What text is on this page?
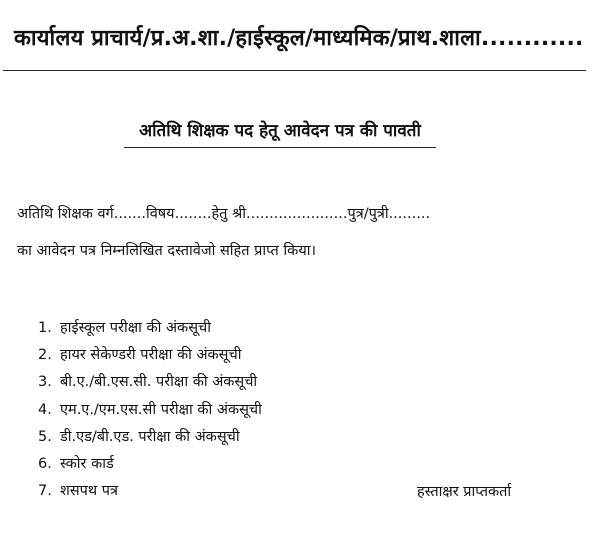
कार्यालय प्राचार्य/प्र.अ.शा./हाईस्कूल/माध्यमिक/प्राथ.शाला............
अतिथि शिक्षक पद हेतू आवेदन पत्र की पावती
अतिथि शिक्षक वर्ग.......विषय........हेतु श्री......................पुत्र/पुत्री.........
का आवेदन पत्र निम्नलिखित दस्तावेजो सहित प्राप्त किया।
1. हाईस्कूल परीक्षा की अंकसूची
2. हायर सेकेण्डरी परीक्षा की अंकसूची
3. बी.ए./बी.एस.सी. परीक्षा की अंकसूची
4. एम.ए./एम.एस.सी परीक्षा की अंकसूची
5. डी.एड/बी.एड. परीक्षा की अंकसूची
6. स्कोर कार्ड
7. शसपथ पत्र	हस्ताक्षर प्राप्तकर्ता
